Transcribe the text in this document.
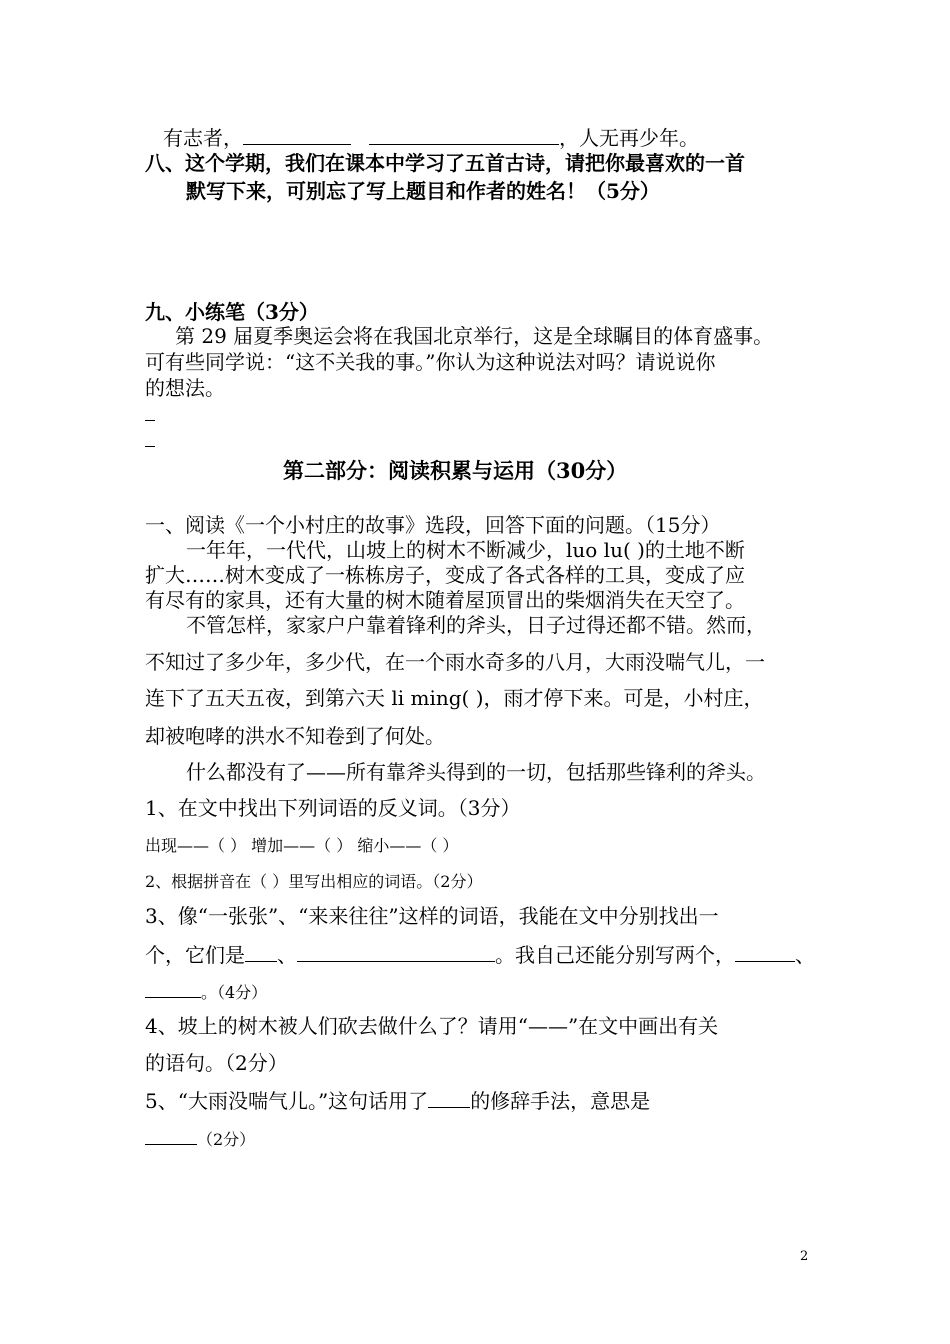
有志者，	，人无再少年。
八、这个学期，我们在课本中学习了五首古诗，请把你最喜欢的一首
默写下来，可别忘了写上题目和作者的姓名！（5分）
九、小练笔（3分）
第 29 届夏季奥运会将在我国北京举行，这是全球瞩目的体育盛事。
可有些同学说：“这不关我的事。”你认为这种说法对吗？请说说你
的想法。
第二部分：阅读积累与运用（30分）
一、阅读《一个小村庄的故事》选段，回答下面的问题。（15分）
一年年，一代代，山坡上的树木不断减少，luo lu( )的土地不断
扩大……树木变成了一栋栋房子，变成了各式各样的工具，变成了应
有尽有的家具，还有大量的树木随着屋顶冒出的柴烟消失在天空了。
不管怎样，家家户户靠着锋利的斧头，日子过得还都不错。然而，
不知过了多少年，多少代，在一个雨水奇多的八月，大雨没喘气儿，一
连下了五天五夜，到第六天 li ming( )，雨才停下来。可是，小村庄，
却被咆哮的洪水不知卷到了何处。
什么都没有了——所有靠斧头得到的一切，包括那些锋利的斧头。
1、在文中找出下列词语的反义词。（3分）
出现——（ ） 增加——（ ） 缩小——（ ）
2、根据拼音在（ ）里写出相应的词语。（2分）
3、像“一张张”、“来来往往”这样的词语，我能在文中分别找出一
个，它们是 、	。我自己还能分别写两个，	、
。（4分）
4、坡上的树木被人们砍去做什么了？请用“——”在文中画出有关
的语句。（2分）
5、“大雨没喘气儿。”这句话用了 的修辞手法，意思是
（2分）
2
